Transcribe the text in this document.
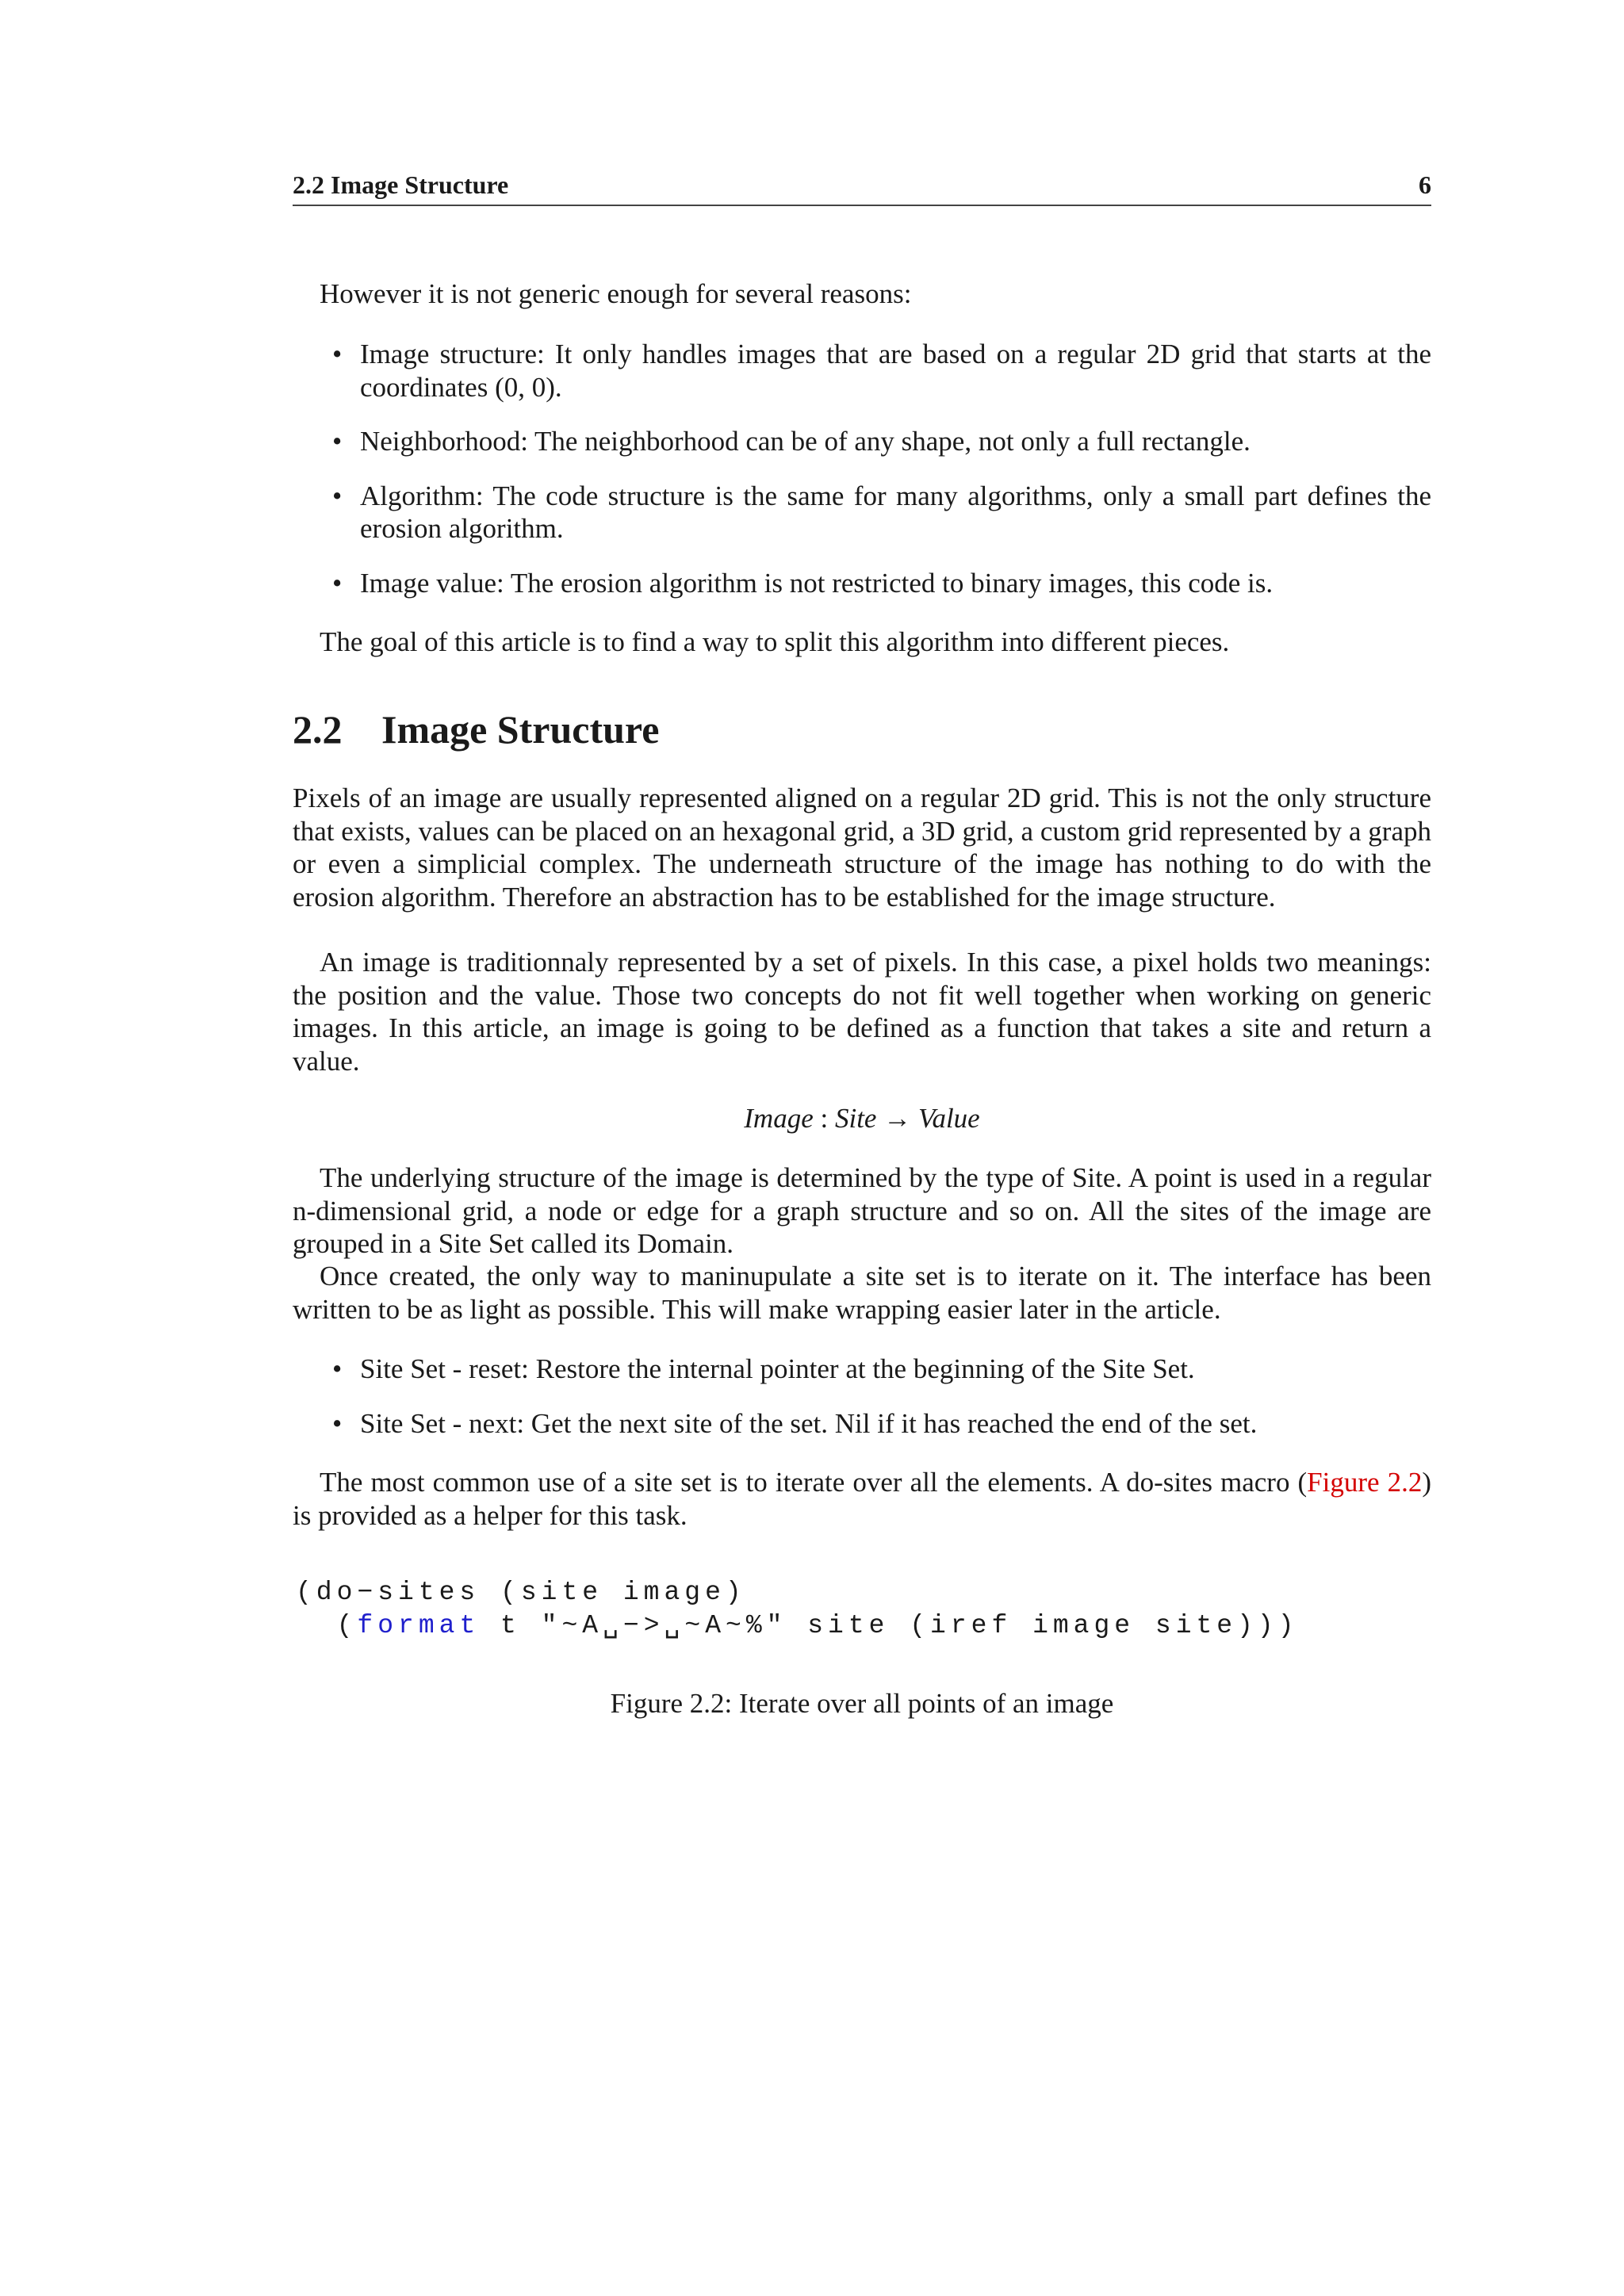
2.2 Image Structure	6

However it is not generic enough for several reasons:

• Image structure: It only handles images that are based on a regular 2D grid that starts at the coordinates (0, 0).
• Neighborhood: The neighborhood can be of any shape, not only a full rectangle.
• Algorithm: The code structure is the same for many algorithms, only a small part defines the erosion algorithm.
• Image value: The erosion algorithm is not restricted to binary images, this code is.

The goal of this article is to find a way to split this algorithm into different pieces.

2.2 Image Structure

Pixels of an image are usually represented aligned on a regular 2D grid. This is not the only structure that exists, values can be placed on an hexagonal grid, a 3D grid, a custom grid represented by a graph or even a simplicial complex. The underneath structure of the image has nothing to do with the erosion algorithm. Therefore an abstraction has to be established for the image structure.

An image is traditionnaly represented by a set of pixels. In this case, a pixel holds two meanings: the position and the value. Those two concepts do not fit well together when working on generic images. In this article, an image is going to be defined as a function that takes a site and return a value.

Image : Site → Value

The underlying structure of the image is determined by the type of Site. A point is used in a regular n-dimensional grid, a node or edge for a graph structure and so on. All the sites of the image are grouped in a Site Set called its Domain.

Once created, the only way to maninupulate a site set is to iterate on it. The interface has been written to be as light as possible. This will make wrapping easier later in the article.

• Site Set - reset: Restore the internal pointer at the beginning of the Site Set.
• Site Set - next: Get the next site of the set. Nil if it has reached the end of the set.

The most common use of a site set is to iterate over all the elements. A do-sites macro (Figure 2.2) is provided as a helper for this task.

(do−sites (site image)
(format t "~A␣−>␣~A~%" site (iref image site)))
Figure 2.2: Iterate over all points of an image
